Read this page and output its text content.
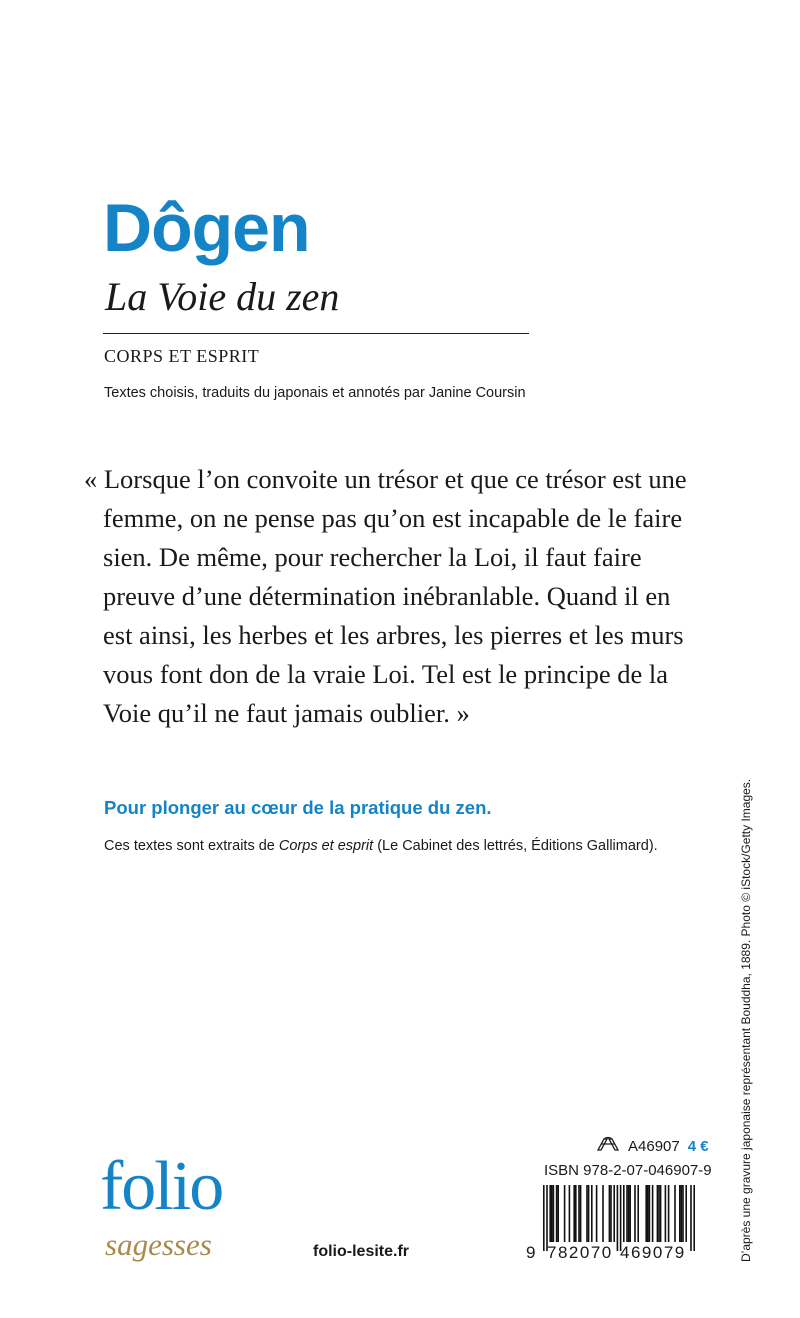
Dôgen
La Voie du zen
CORPS ET ESPRIT
Textes choisis, traduits du japonais et annotés par Janine Coursin
« Lorsque l’on convoite un trésor et que ce trésor est une
femme, on ne pense pas qu’on est incapable de le faire
sien. De même, pour rechercher la Loi, il faut faire
preuve d’une détermination inébranlable. Quand il en
est ainsi, les herbes et les arbres, les pierres et les murs
vous font don de la vraie Loi. Tel est le principe de la
Voie qu’il ne faut jamais oublier. »
Pour plonger au cœur de la pratique du zen.
Ces textes sont extraits de Corps et esprit (Le Cabinet des lettrés, Éditions Gallimard).	D’après une gravure japonaise représentant Bouddha, 1889. Photo © iStock/Getty Images.
folio
sagesses	folio-lesite.fr
A46907 4 €
ISBN 978-2-07-046907-9
9 782070 469079
